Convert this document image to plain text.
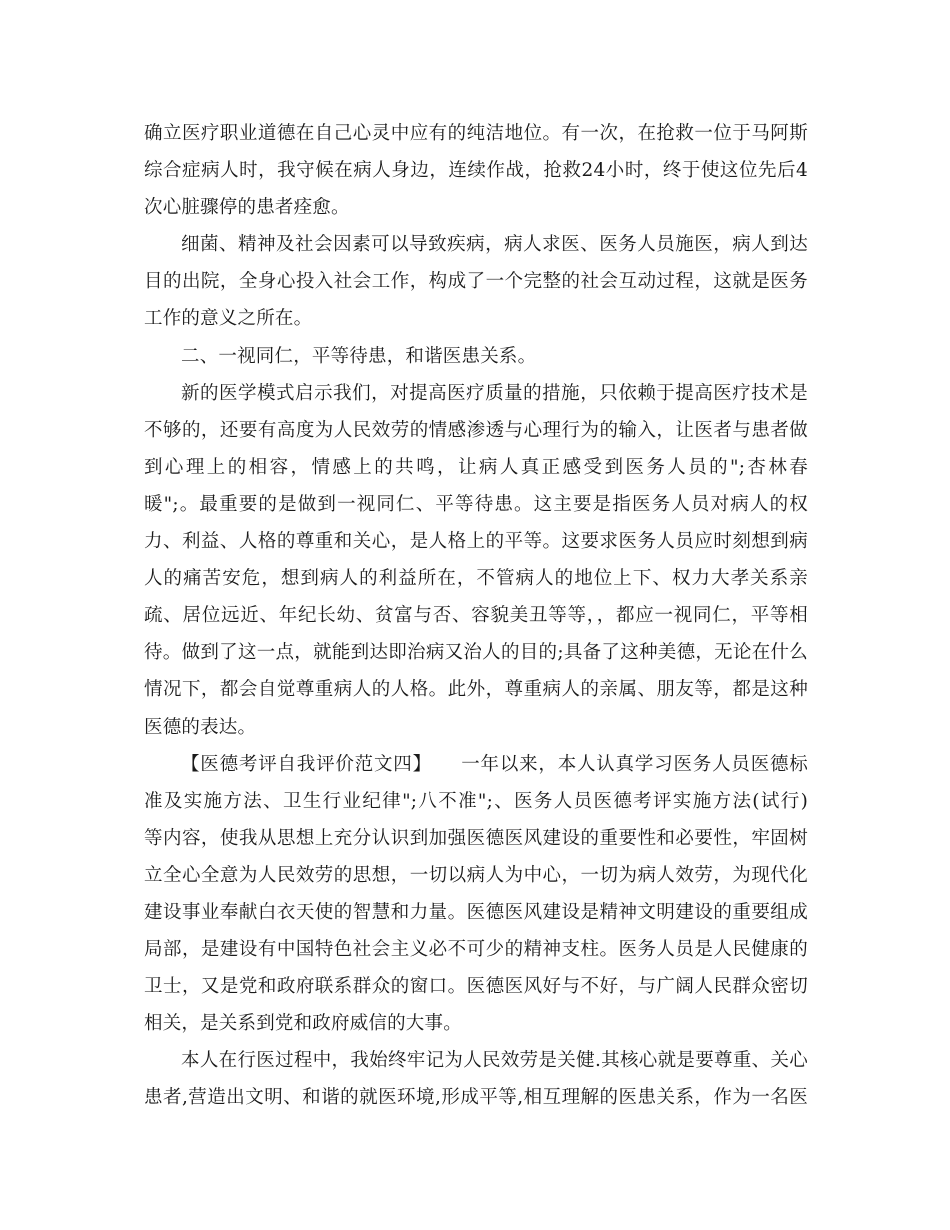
确立医疗职业道德在自己心灵中应有的纯洁地位。有一次，在抢救一位于马阿斯
综合症病人时，我守候在病人身边，连续作战，抢救24小时，终于使这位先后4
次心脏骤停的患者痊愈。
细菌、精神及社会因素可以导致疾病，病人求医、医务人员施医，病人到达
目的出院，全身心投入社会工作，构成了一个完整的社会互动过程，这就是医务
工作的意义之所在。
二、一视同仁，平等待患，和谐医患关系。
新的医学模式启示我们，对提高医疗质量的措施，只依赖于提高医疗技术是
不够的，还要有高度为人民效劳的情感渗透与心理行为的输入，让医者与患者做
到心理上的相容，情感上的共鸣，让病人真正感受到医务人员的";杏林春
暖";。最重要的是做到一视同仁、平等待患。这主要是指医务人员对病人的权
力、利益、人格的尊重和关心，是人格上的平等。这要求医务人员应时刻想到病
人的痛苦安危，想到病人的利益所在，不管病人的地位上下、权力大孝关系亲
疏、居位远近、年纪长幼、贫富与否、容貌美丑等等，，都应一视同仁，平等相
待。做到了这一点，就能到达即治病又治人的目的;具备了这种美德，无论在什么
情况下，都会自觉尊重病人的人格。此外，尊重病人的亲属、朋友等，都是这种
医德的表达。
【医德考评自我评价范文四】　　一年以来，本人认真学习医务人员医德标
准及实施方法、卫生行业纪律";八不准";、医务人员医德考评实施方法(试行)
等内容，使我从思想上充分认识到加强医德医风建设的重要性和必要性，牢固树
立全心全意为人民效劳的思想，一切以病人为中心，一切为病人效劳，为现代化
建设事业奉献白衣天使的智慧和力量。医德医风建设是精神文明建设的重要组成
局部，是建设有中国特色社会主义必不可少的精神支柱。医务人员是人民健康的
卫士，又是党和政府联系群众的窗口。医德医风好与不好，与广阔人民群众密切
相关，是关系到党和政府威信的大事。
本人在行医过程中，我始终牢记为人民效劳是关健.其核心就是要尊重、关心
患者,营造出文明、和谐的就医环境,形成平等,相互理解的医患关系，作为一名医
